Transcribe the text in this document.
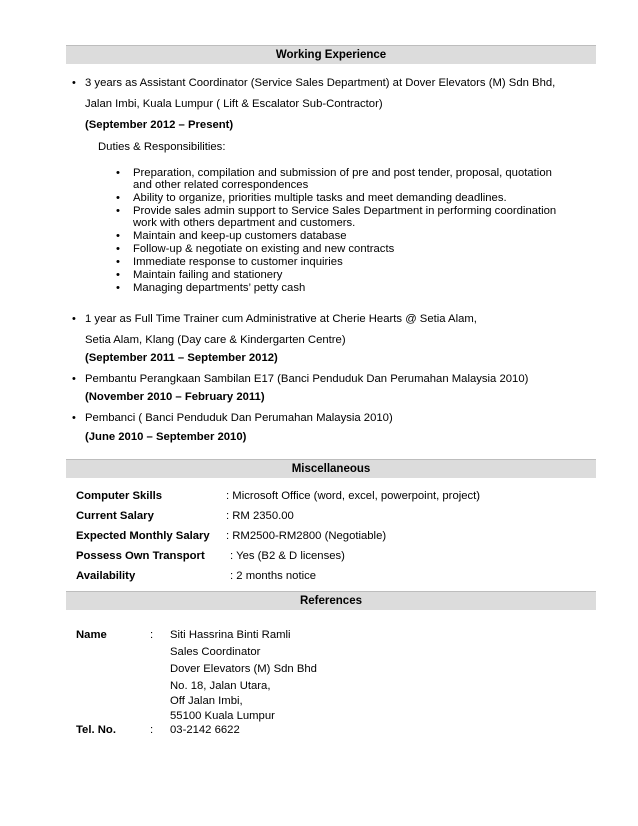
Working Experience
• 3 years as Assistant Coordinator (Service Sales Department) at Dover Elevators (M) Sdn Bhd,
Jalan Imbi, Kuala Lumpur ( Lift & Escalator Sub-Contractor)
(September 2012 – Present)
Duties & Responsibilities:
• Preparation, compilation and submission of pre and post tender, proposal, quotation and other related correspondences
• Ability to organize, priorities multiple tasks and meet demanding deadlines.
• Provide sales admin support to Service Sales Department in performing coordination work with others department and customers.
• Maintain and keep-up customers database
• Follow-up & negotiate on existing and new contracts
• Immediate response to customer inquiries
• Maintain failing and stationery
• Managing departments’ petty cash
• 1 year as Full Time Trainer cum Administrative at Cherie Hearts @ Setia Alam,
Setia Alam, Klang (Day care & Kindergarten Centre)
(September 2011 – September 2012)
• Pembantu Perangkaan Sambilan E17 (Banci Penduduk Dan Perumahan Malaysia 2010)
(November 2010 – February 2011)
• Pembanci ( Banci Penduduk Dan Perumahan Malaysia 2010)
(June 2010 – September 2010)
Miscellaneous
Computer Skills	: Microsoft Office (word, excel, powerpoint, project)
Current Salary	: RM 2350.00
Expected Monthly Salary : RM2500-RM2800 (Negotiable)
Possess Own Transport : Yes (B2 & D licenses)
Availability	: 2 months notice
References
Name	: Siti Hassrina Binti Ramli
Sales Coordinator
Dover Elevators (M) Sdn Bhd
No. 18, Jalan Utara,
Off Jalan Imbi,
55100 Kuala Lumpur
Tel. No.	: 03-2142 6622
